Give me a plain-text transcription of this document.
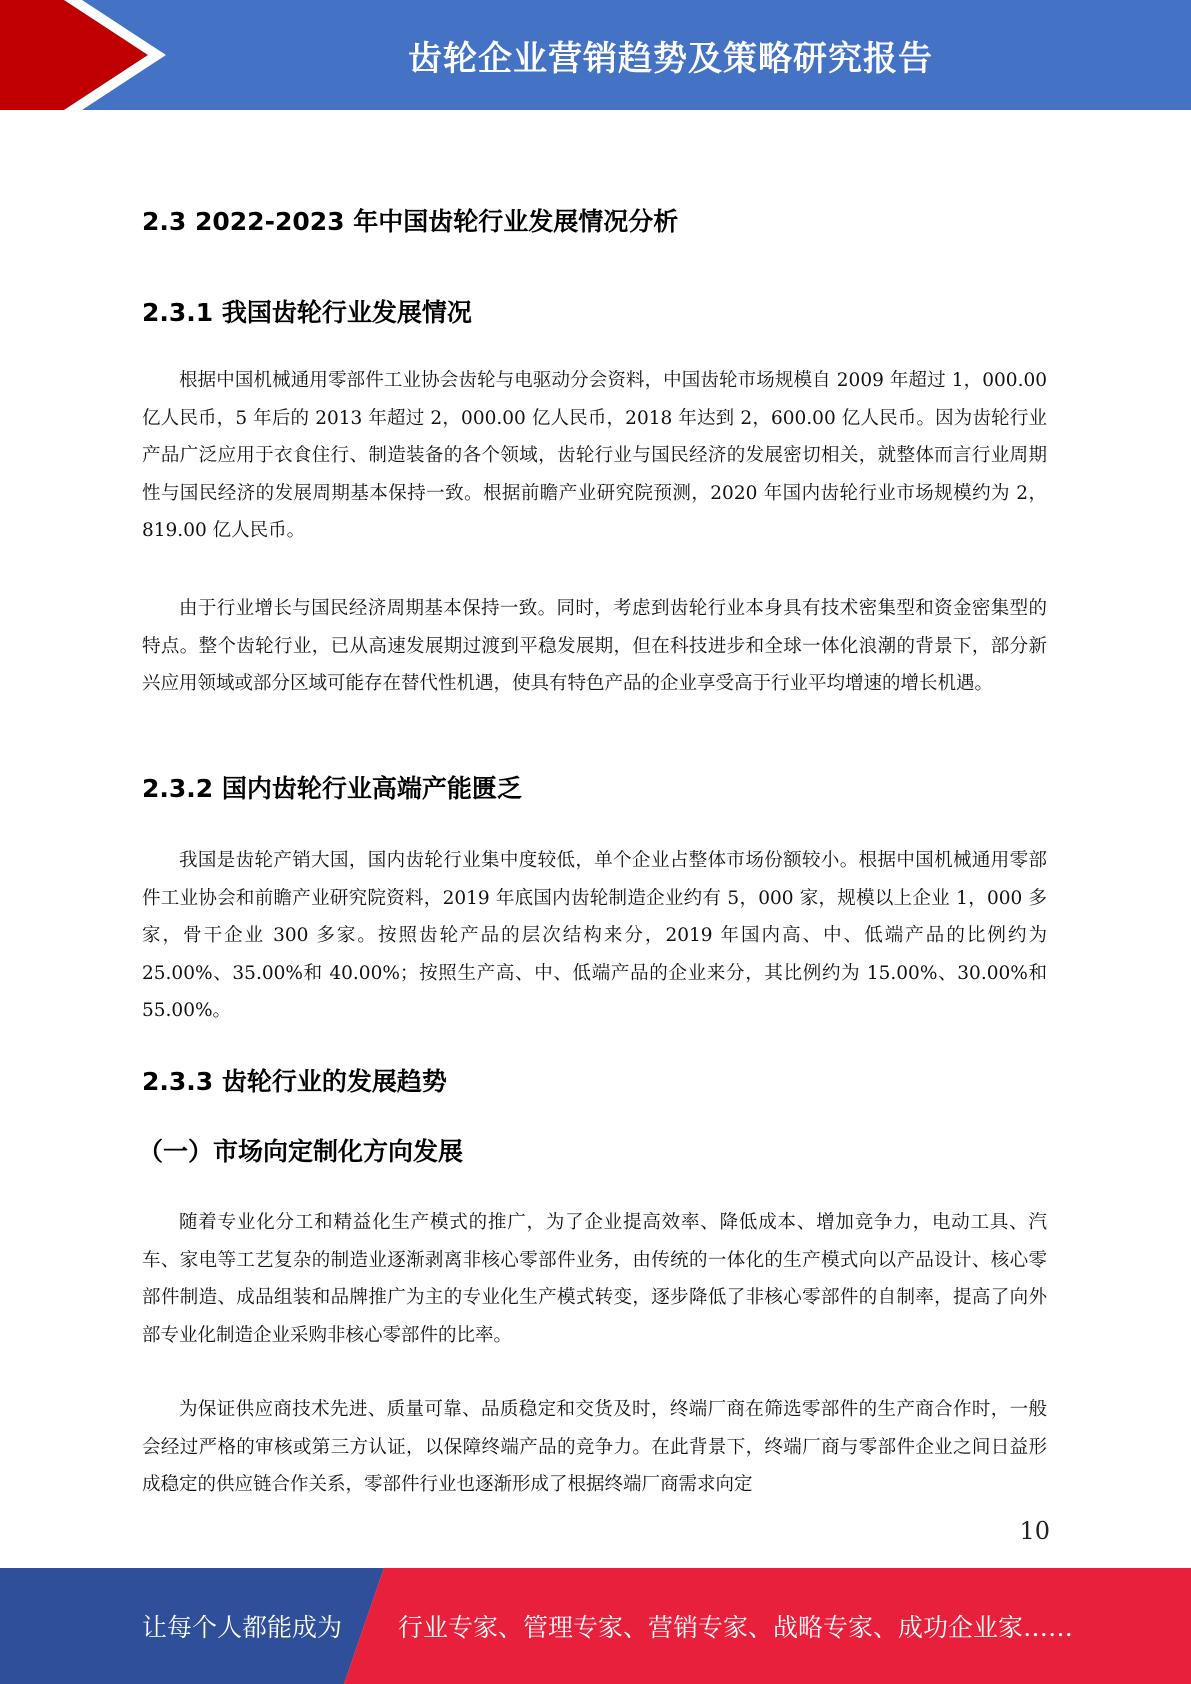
齿轮企业营销趋势及策略研究报告
2.3 2022-2023 年中国齿轮行业发展情况分析
2.3.1 我国齿轮行业发展情况

根据中国机械通用零部件工业协会齿轮与电驱动分会资料，中国齿轮市场规模自 2009 年超过 1，000.00 亿人民币，5 年后的 2013 年超过 2，000.00 亿人民币，2018 年达到 2，600.00 亿人民币。因为齿轮行业产品广泛应用于衣食住行、制造装备的各个领域，齿轮行业与国民经济的发展密切相关，就整体而言行业周期性与国民经济的发展周期基本保持一致。根据前瞻产业研究院预测，2020 年国内齿轮行业市场规模约为 2，819.00 亿人民币。

由于行业增长与国民经济周期基本保持一致。同时，考虑到齿轮行业本身具有技术密集型和资金密集型的特点。整个齿轮行业，已从高速发展期过渡到平稳发展期，但在科技进步和全球一体化浪潮的背景下，部分新兴应用领域或部分区域可能存在替代性机遇，使具有特色产品的企业享受高于行业平均增速的增长机遇。

2.3.2 国内齿轮行业高端产能匮乏

我国是齿轮产销大国，国内齿轮行业集中度较低，单个企业占整体市场份额较小。根据中国机械通用零部件工业协会和前瞻产业研究院资料，2019 年底国内齿轮制造企业约有 5，000 家，规模以上企业 1，000 多家，骨干企业 300 多家。按照齿轮产品的层次结构来分，2019 年国内高、中、低端产品的比例约为 25.00%、35.00%和 40.00%；按照生产高、中、低端产品的企业来分，其比例约为 15.00%、30.00%和 55.00%。

2.3.3 齿轮行业的发展趋势
（一）市场向定制化方向发展

随着专业化分工和精益化生产模式的推广，为了企业提高效率、降低成本、增加竞争力，电动工具、汽车、家电等工艺复杂的制造业逐渐剥离非核心零部件业务，由传统的一体化的生产模式向以产品设计、核心零部件制造、成品组装和品牌推广为主的专业化生产模式转变，逐步降低了非核心零部件的自制率，提高了向外部专业化制造企业采购非核心零部件的比率。

为保证供应商技术先进、质量可靠、品质稳定和交货及时，终端厂商在筛选零部件的生产商合作时，一般会经过严格的审核或第三方认证，以保障终端产品的竞争力。在此背景下，终端厂商与零部件企业之间日益形成稳定的供应链合作关系，零部件行业也逐渐形成了根据终端厂商需求向定

10
让每个人都能成为 行业专家、管理专家、营销专家、战略专家、成功企业家……
